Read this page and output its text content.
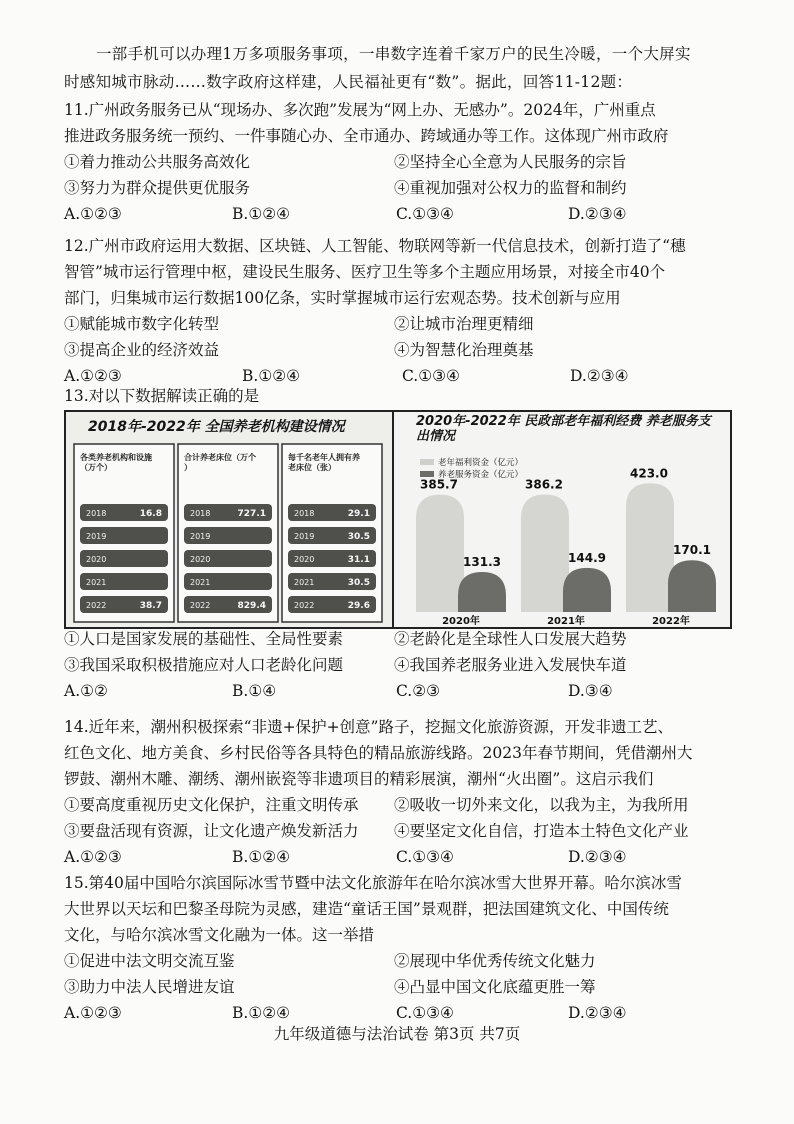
一部手机可以办理1万多项服务事项，一串数字连着千家万户的民生冷暖，一个大屏实
时感知城市脉动……数字政府这样建，人民福祉更有“数”。据此，回答11-12题：
11.广州政务服务已从“现场办、多次跑”发展为“网上办、无感办”。2024年，广州重点
推进政务服务统一预约、一件事随心办、全市通办、跨域通办等工作。这体现广州市政府
①着力推动公共服务高效化	②坚持全心全意为人民服务的宗旨
③努力为群众提供更优服务	④重视加强对公权力的监督和制约
A.①②③	B.①②④	C.①③④	D.②③④
12.广州市政府运用大数据、区块链、人工智能、物联网等新一代信息技术，创新打造了“穗
智管”城市运行管理中枢，建设民生服务、医疗卫生等多个主题应用场景，对接全市40个
部门，归集城市运行数据100亿条，实时掌握城市运行宏观态势。技术创新与应用
①赋能城市数字化转型	②让城市治理更精细
③提高企业的经济效益	④为智慧化治理奠基
A.①②③	B.①②④	C.①③④	D.②③④
13.对以下数据解读正确的是
2018年-2022年 全国养老机构建设情况
各类养老机构和设施
（万个）
2018	16.8
2019
2020
2021
2022	38.7
合计养老床位（万个
）
2018	727.1
2019
2020
2021
2022	829.4
每千名老年人拥有养
老床位（张）
2018	29.1
2019	30.5
2020	31.1
2021	30.5
2022	29.6
2020年-2022年 民政部老年福利经费 养老服务支出情况
老年福利资金（亿元）
养老服务资金（亿元）
385.7
131.3
2020年
386.2
144.9
2021年
423.0
170.1
2022年
①人口是国家发展的基础性、全局性要素	②老龄化是全球性人口发展大趋势
③我国采取积极措施应对人口老龄化问题	④我国养老服务业进入发展快车道
A.①②	B.①④	C.②③	D.③④
14.近年来，潮州积极探索“非遗+保护+创意”路子，挖掘文化旅游资源，开发非遗工艺、
红色文化、地方美食、乡村民俗等各具特色的精品旅游线路。2023年春节期间，凭借潮州大
锣鼓、潮州木雕、潮绣、潮州嵌瓷等非遗项目的精彩展演，潮州“火出圈”。这启示我们
①要高度重视历史文化保护，注重文明传承	②吸收一切外来文化，以我为主，为我所用
③要盘活现有资源，让文化遗产焕发新活力	④要坚定文化自信，打造本土特色文化产业
A.①②③	B.①②④	C.①③④	D.②③④
15.第40届中国哈尔滨国际冰雪节暨中法文化旅游年在哈尔滨冰雪大世界开幕。哈尔滨冰雪
大世界以天坛和巴黎圣母院为灵感，建造“童话王国”景观群，把法国建筑文化、中国传统
文化，与哈尔滨冰雪文化融为一体。这一举措
①促进中法文明交流互鉴	②展现中华优秀传统文化魅力
③助力中法人民增进友谊	④凸显中国文化底蕴更胜一筹
A.①②③	B.①②④	C.①③④	D.②③④
九年级道德与法治试卷 第3页 共7页
